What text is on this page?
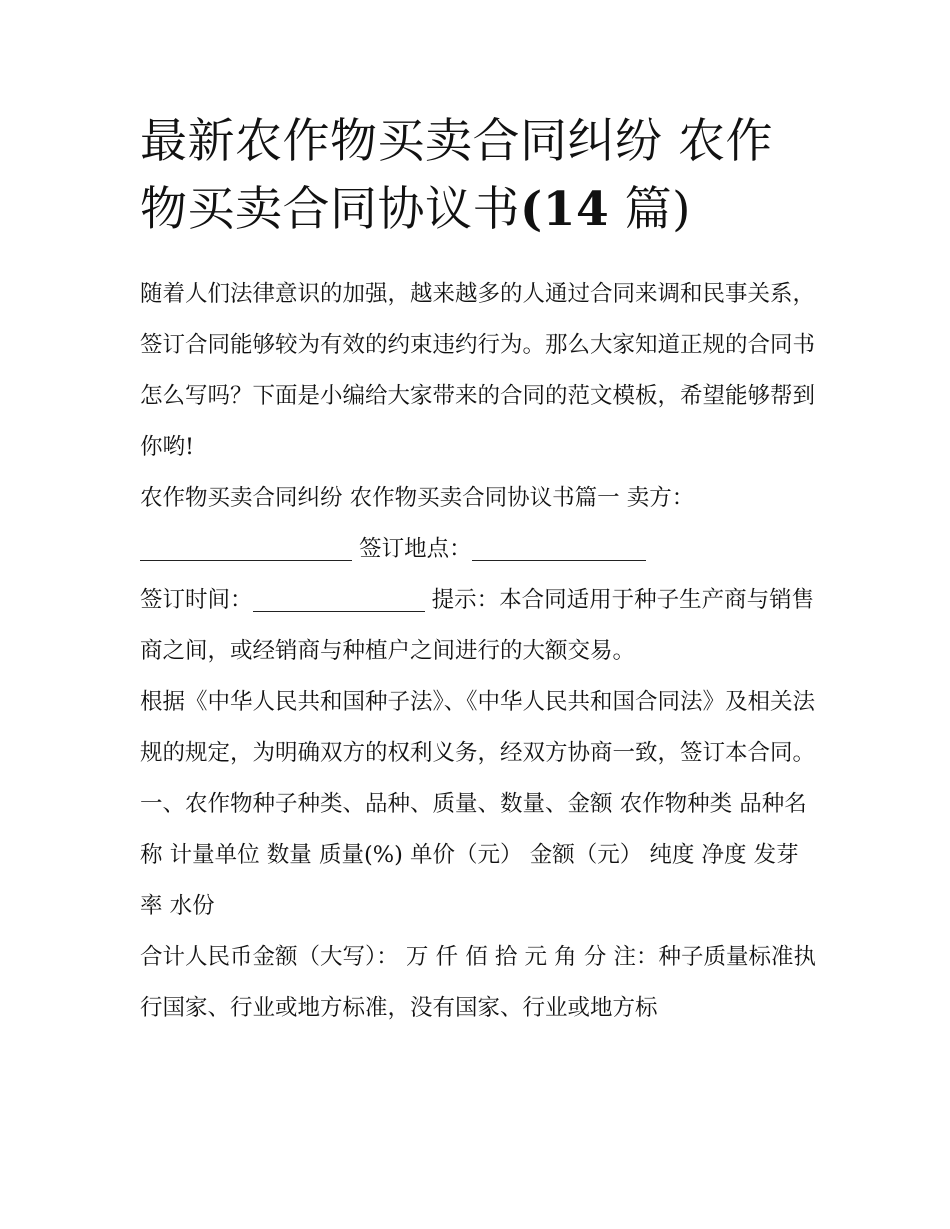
最新农作物买卖合同纠纷 农作物买卖合同协议书(14 篇)

随着人们法律意识的加强，越来越多的人通过合同来调和民事关系，签订合同能够较为有效的约束违约行为。那么大家知道正规的合同书怎么写吗？下面是小编给大家带来的合同的范文模板，希望能够帮到你哟!

农作物买卖合同纠纷 农作物买卖合同协议书篇一 卖方：

签订地点：

签订时间：	提示：本合同适用于种子生产商与销售商之间，或经销商与种植户之间进行的大额交易。

根据《中华人民共和国种子法》、《中华人民共和国合同法》及相关法规的规定，为明确双方的权利义务，经双方协商一致，签订本合同。

一、农作物种子种类、品种、质量、数量、金额 农作物种类 品种名称 计量单位 数量 质量(%) 单价（元） 金额（元） 纯度 净度 发芽率 水份

合计人民币金额（大写）： 万 仟 佰 拾 元 角 分 注：种子质量标准执行国家、行业或地方标准，没有国家、行业或地方标
